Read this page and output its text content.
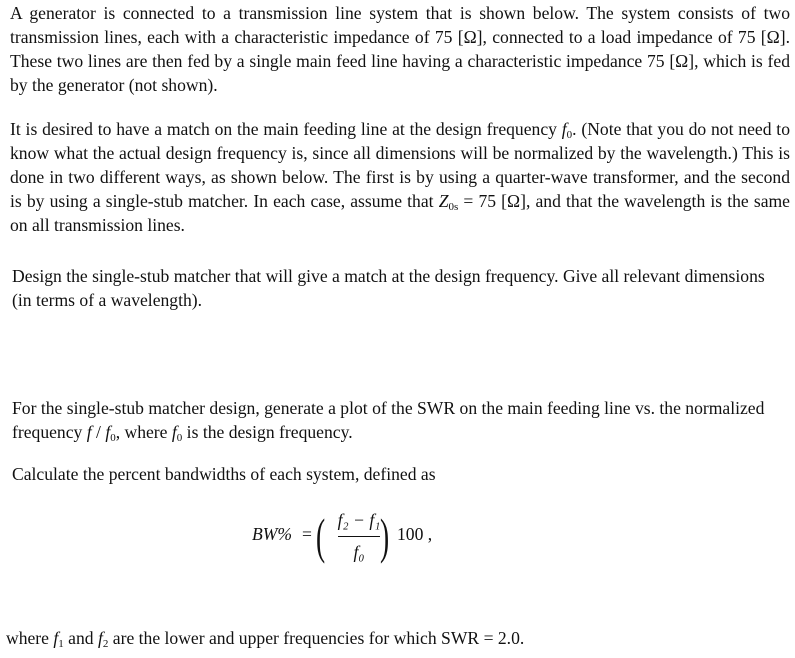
A generator is connected to a transmission line system that is shown below. The system consists of two transmission lines, each with a characteristic impedance of 75 [Ω], connected to a load impedance of 75 [Ω]. These two lines are then fed by a single main feed line having a characteristic impedance 75 [Ω], which is fed by the generator (not shown).

It is desired to have a match on the main feeding line at the design frequency $f_0$. (Note that you do not need to know what the actual design frequency is, since all dimensions will be normalized by the wavelength.) This is done in two different ways, as shown below. The first is by using a quarter-wave transformer, and the second is by using a single-stub matcher. In each case, assume that $Z_{0s} = 75$ [Ω], and that the wavelength is the same on all transmission lines.

Design the single-stub matcher that will give a match at the design frequency. Give all relevant dimensions (in terms of a wavelength).

For the single-stub matcher design, generate a plot of the SWR on the main feeding line vs. the normalized frequency f / $f_0$, where $f_0$ is the design frequency.

Calculate the percent bandwidths of each system, defined as

BW% = ( f₂ − f₁
f₀ ) 100 ,

where $f_1$ and $f_2$ are the lower and upper frequencies for which SWR = 2.0.
